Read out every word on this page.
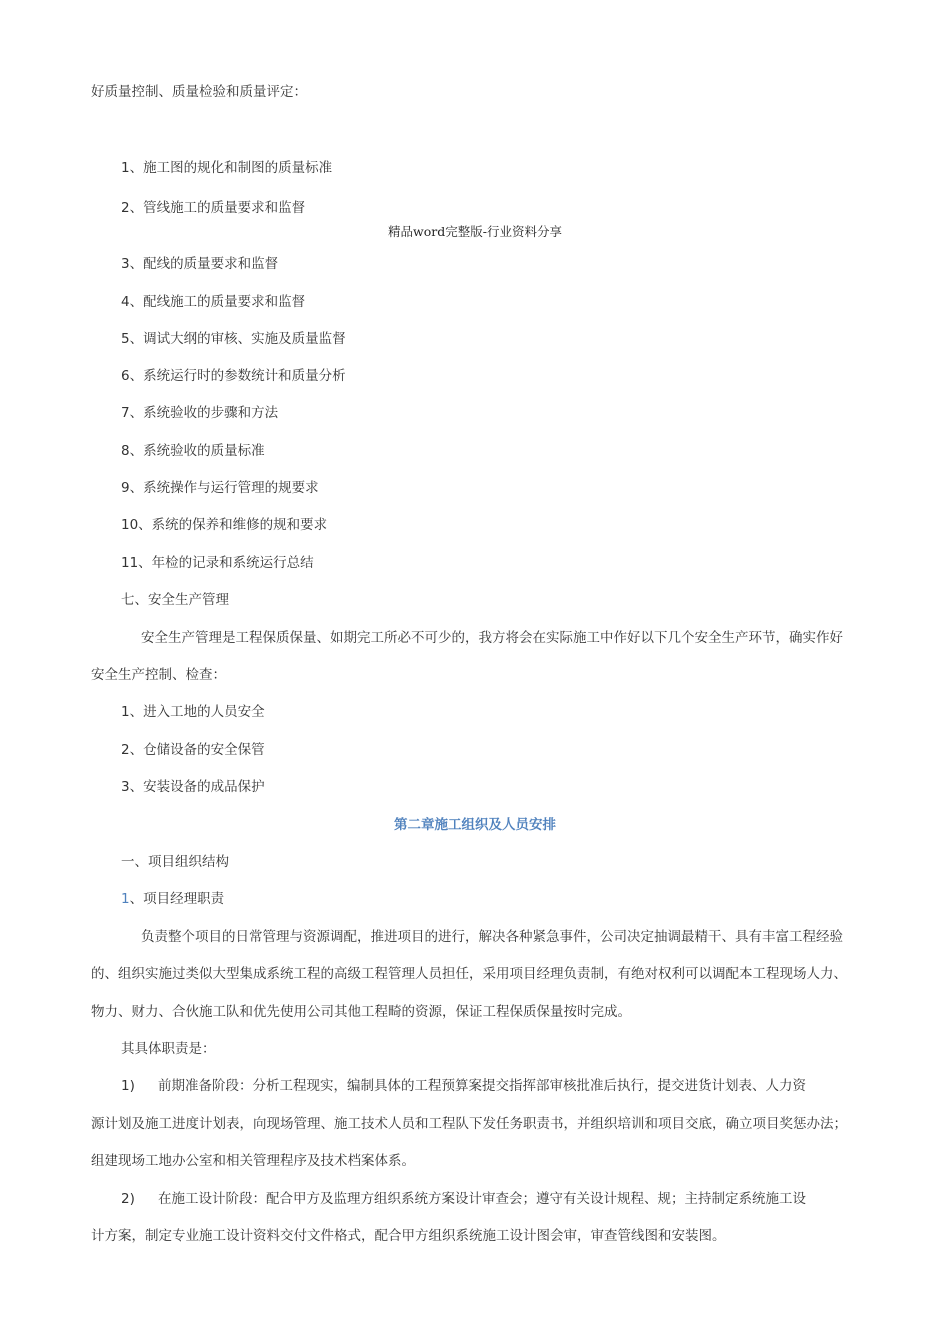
好质量控制、质量检验和质量评定：
1、施工图的规化和制图的质量标准
2、管线施工的质量要求和监督
精品word完整版-行业资料分享
3、配线的质量要求和监督
4、配线施工的质量要求和监督
5、调试大纲的审核、实施及质量监督
6、系统运行时的参数统计和质量分析
7、系统验收的步骤和方法
8、系统验收的质量标准
9、系统操作与运行管理的规要求
10、系统的保养和维修的规和要求
11、年检的记录和系统运行总结
七、安全生产管理
安全生产管理是工程保质保量、如期完工所必不可少的，我方将会在实际施工中作好以下几个安全生产环节，确实作好
安全生产控制、检查：
1、进入工地的人员安全
2、仓储设备的安全保管
3、安装设备的成品保护
第二章施工组织及人员安排
一、项目组织结构
1、项目经理职责
负责整个项目的日常管理与资源调配，推进项目的进行，解决各种紧急事件，公司决定抽调最精干、具有丰富工程经验
的、组织实施过类似大型集成系统工程的高级工程管理人员担任，采用项目经理负责制，有绝对权利可以调配本工程现场人力、
物力、财力、合伙施工队和优先使用公司其他工程畸的资源，保证工程保质保量按时完成。
其具体职责是：
1) 前期准备阶段：分析工程现实，编制具体的工程预算案提交指挥部审核批准后执行，提交进货计划表、人力资
源计划及施工进度计划表，向现场管理、施工技术人员和工程队下发任务职责书，并组织培训和项目交底，确立项目奖惩办法；
组建现场工地办公室和相关管理程序及技术档案体系。
2) 在施工设计阶段：配合甲方及监理方组织系统方案设计审查会；遵守有关设计规程、规；主持制定系统施工设
计方案，制定专业施工设计资料交付文件格式，配合甲方组织系统施工设计图会审，审查管线图和安装图。
